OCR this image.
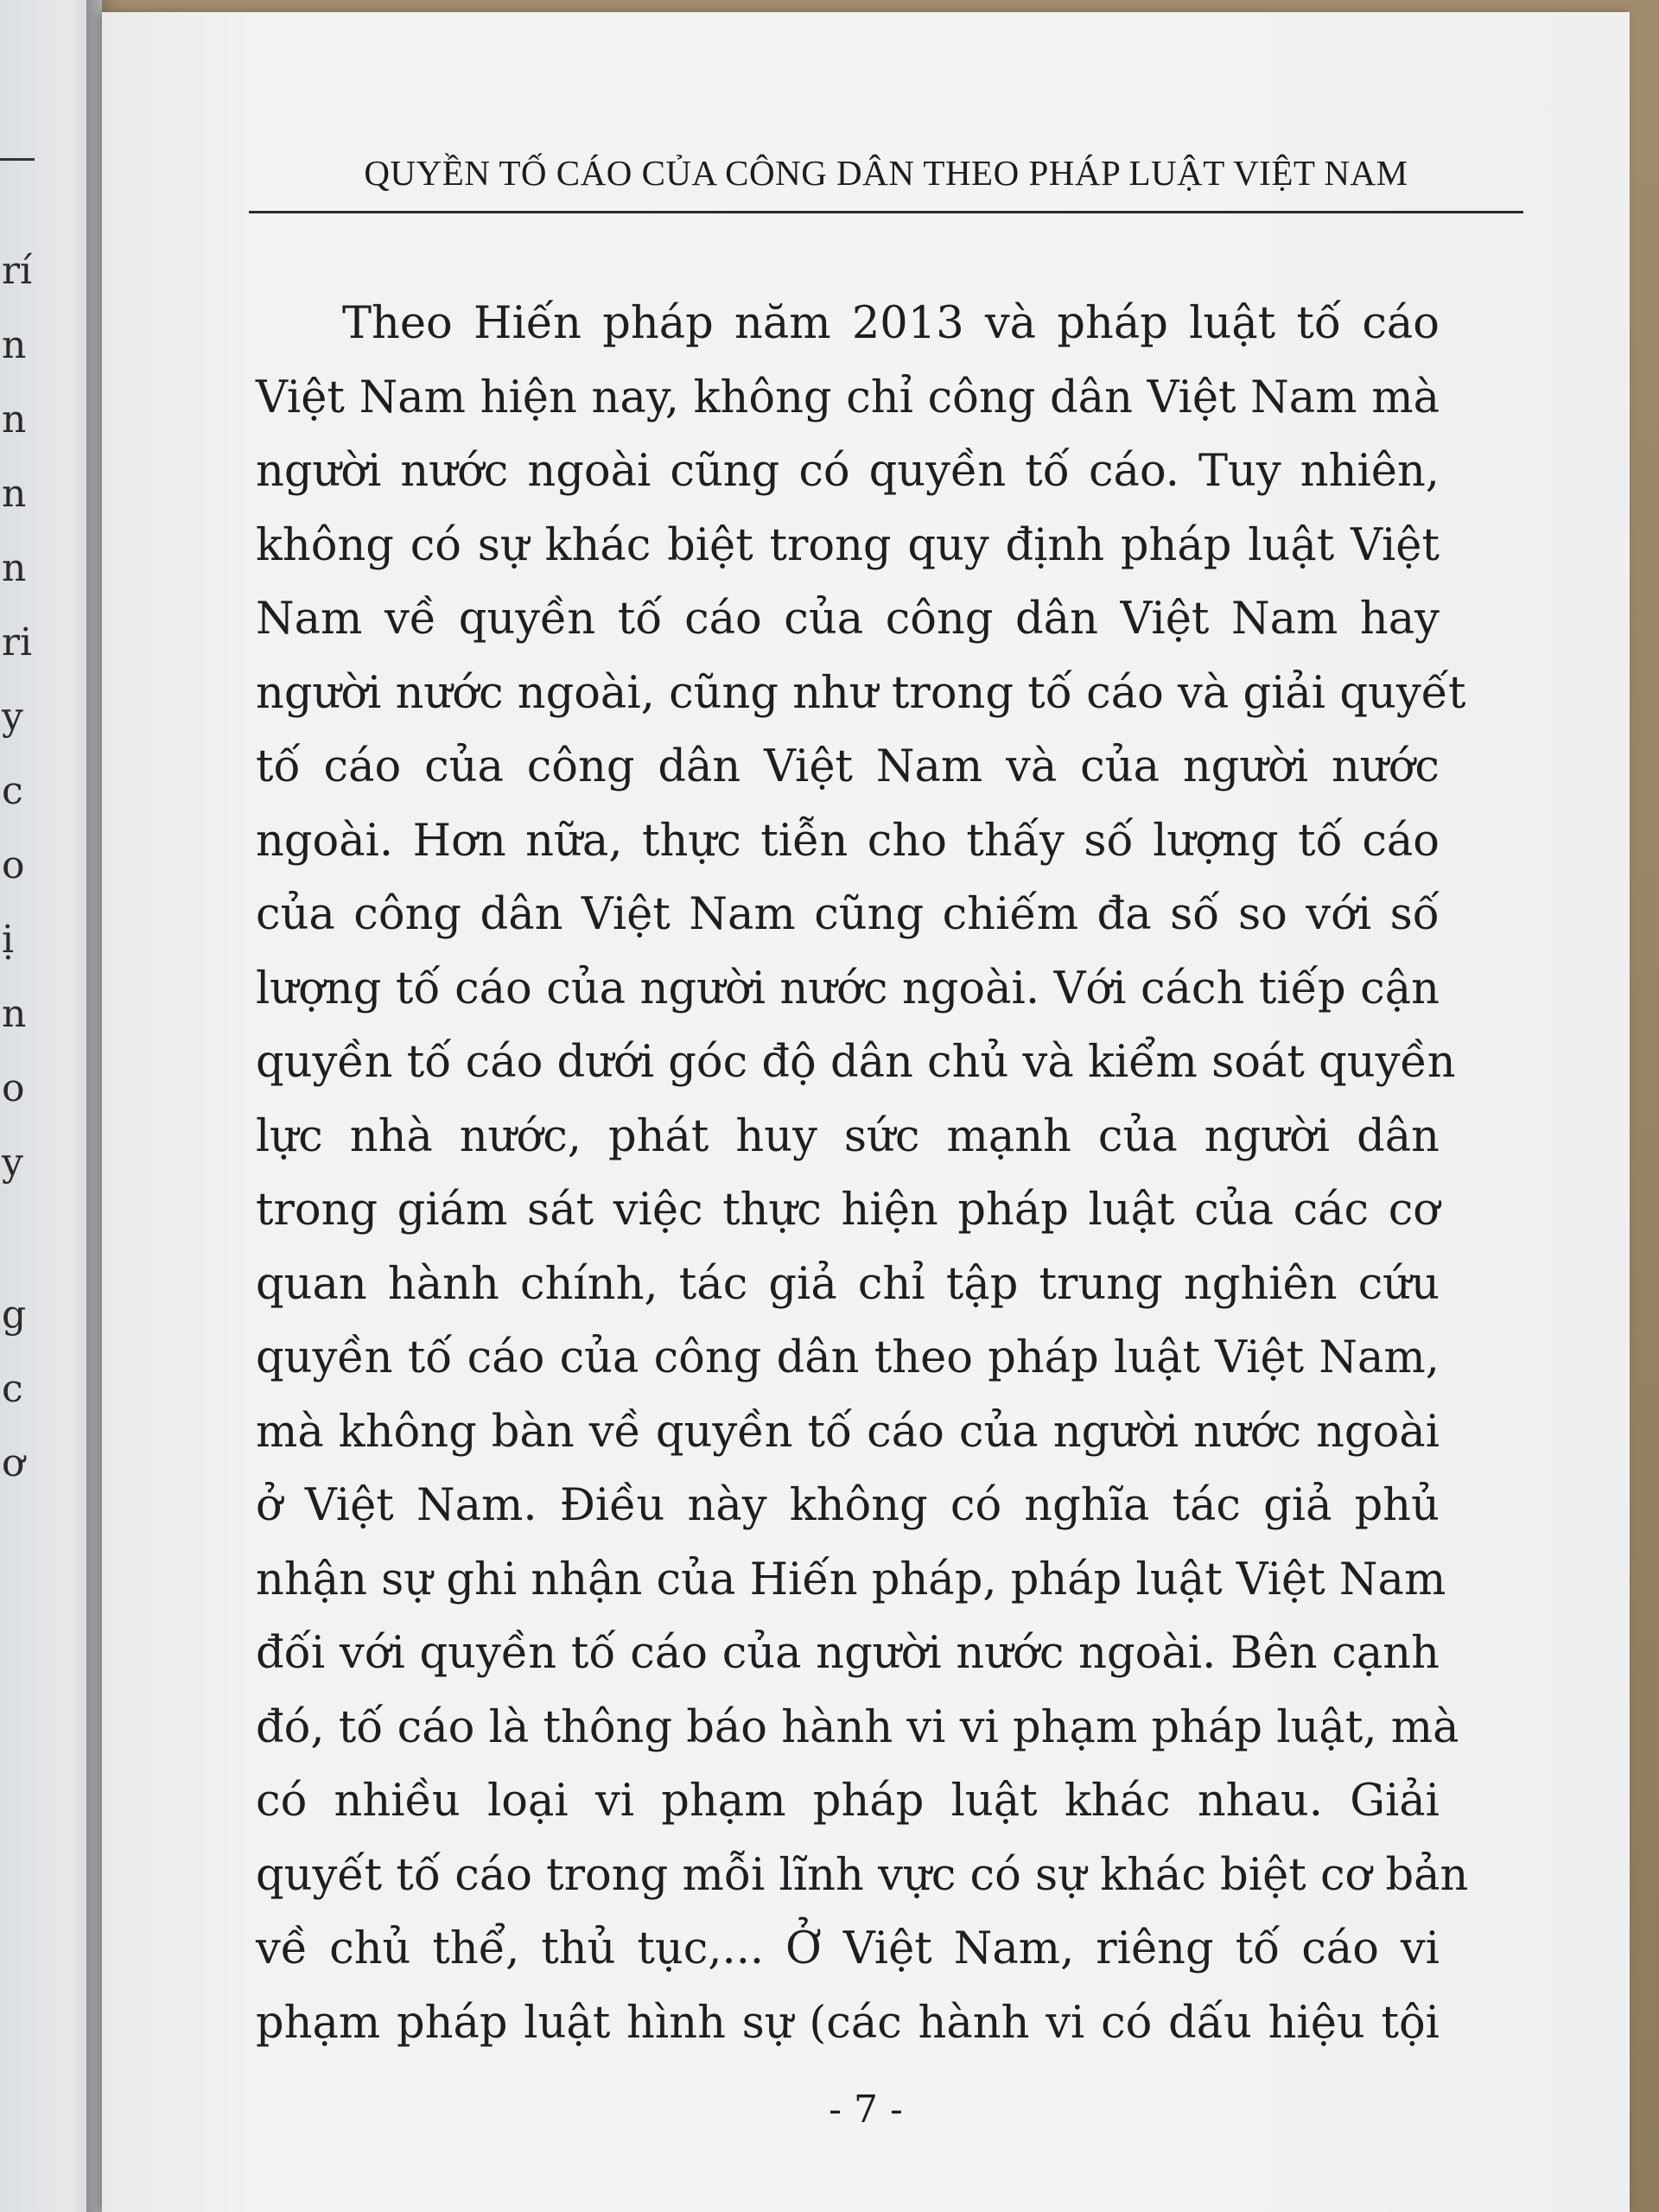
rí
n
n
n
n
ri
y
c
o
ị
n
o
y
g
c
ơ
QUYỀN TỐ CÁO CỦA CÔNG DÂN THEO PHÁP LUẬT VIỆT NAM
Theo Hiến pháp năm 2013 và pháp luật tố cáo
Việt Nam hiện nay, không chỉ công dân Việt Nam mà
người nước ngoài cũng có quyền tố cáo. Tuy nhiên,
không có sự khác biệt trong quy định pháp luật Việt
Nam về quyền tố cáo của công dân Việt Nam hay
người nước ngoài, cũng như trong tố cáo và giải quyết
tố cáo của công dân Việt Nam và của người nước
ngoài. Hơn nữa, thực tiễn cho thấy số lượng tố cáo
của công dân Việt Nam cũng chiếm đa số so với số
lượng tố cáo của người nước ngoài. Với cách tiếp cận
quyền tố cáo dưới góc độ dân chủ và kiểm soát quyền
lực nhà nước, phát huy sức mạnh của người dân
trong giám sát việc thực hiện pháp luật của các cơ
quan hành chính, tác giả chỉ tập trung nghiên cứu
quyền tố cáo của công dân theo pháp luật Việt Nam,
mà không bàn về quyền tố cáo của người nước ngoài
ở Việt Nam. Điều này không có nghĩa tác giả phủ
nhận sự ghi nhận của Hiến pháp, pháp luật Việt Nam
đối với quyền tố cáo của người nước ngoài. Bên cạnh
đó, tố cáo là thông báo hành vi vi phạm pháp luật, mà
có nhiều loại vi phạm pháp luật khác nhau. Giải
quyết tố cáo trong mỗi lĩnh vực có sự khác biệt cơ bản
về chủ thể, thủ tục,... Ở Việt Nam, riêng tố cáo vi
phạm pháp luật hình sự (các hành vi có dấu hiệu tội
- 7 -
